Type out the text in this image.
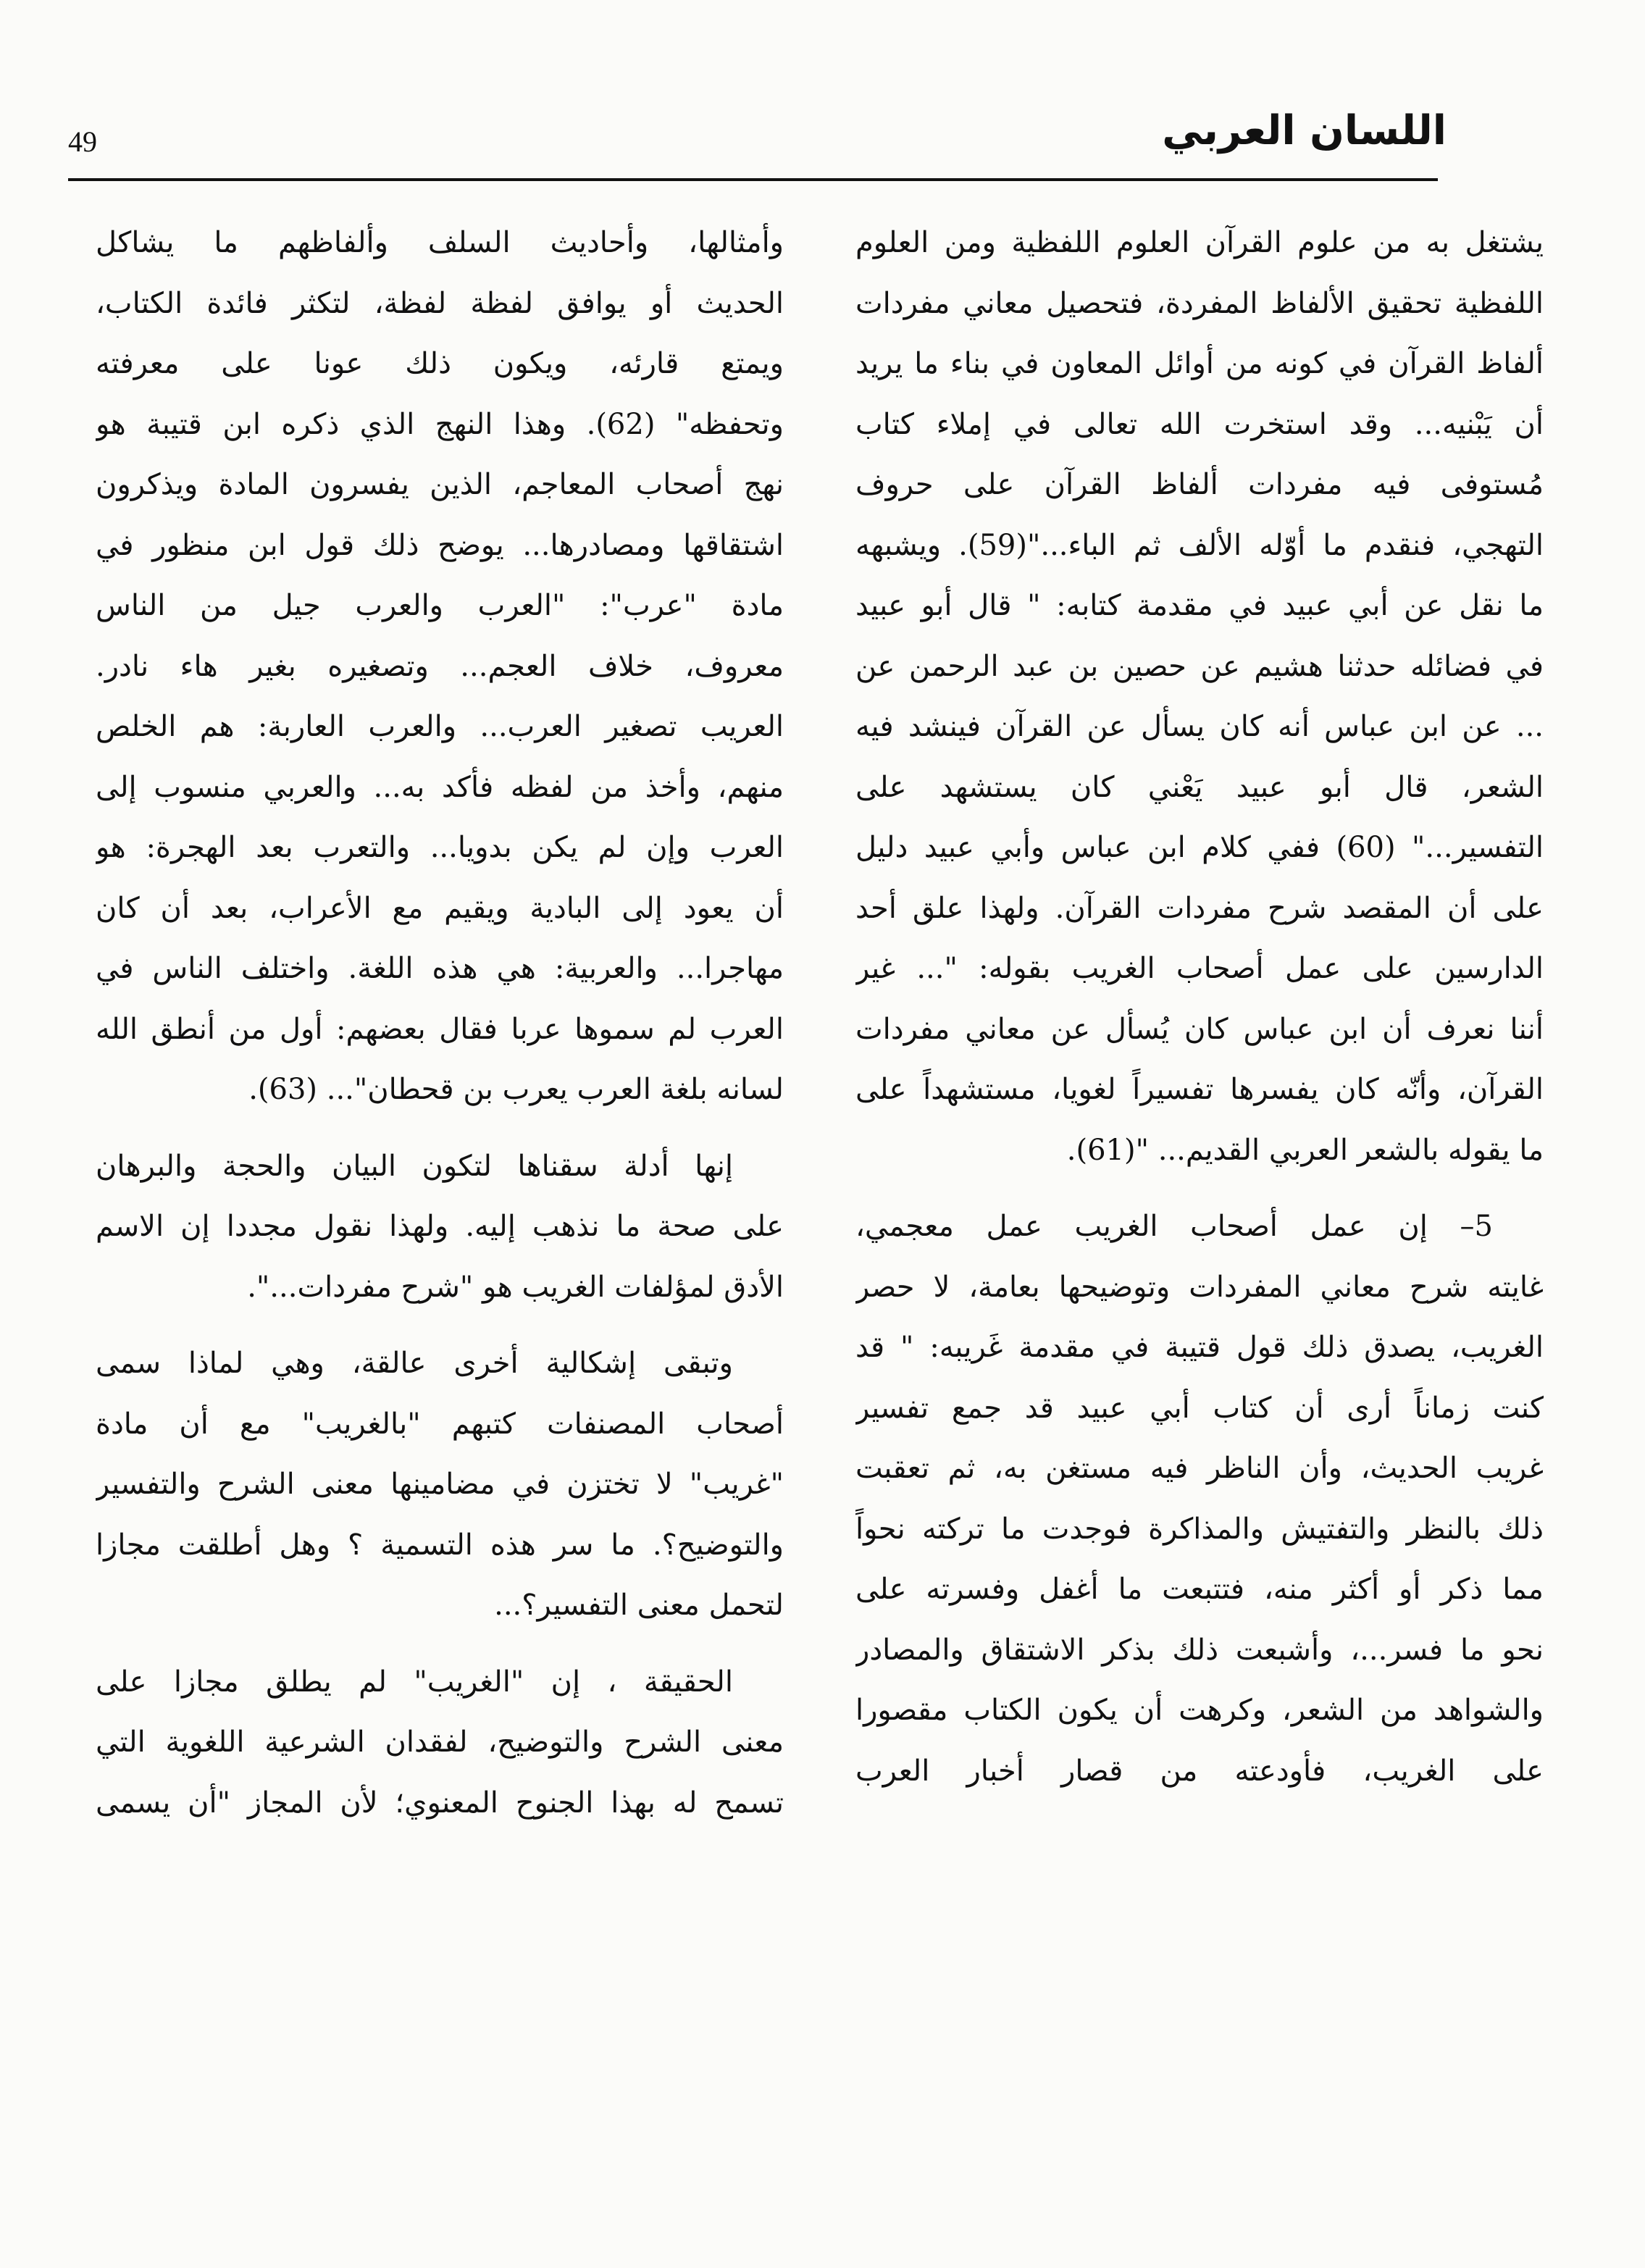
49	اللسان العربي
يشتغل به من علوم القرآن العلوم اللفظية ومن العلوم
اللفظية تحقيق الألفاظ المفردة، فتحصيل معاني مفردات
ألفاظ القرآن في كونه من أوائل المعاون في بناء ما يريد
أن يَبْنيه... وقد استخرت الله تعالى في إملاء كتاب
مُستوفى فيه مفردات ألفاظ القرآن على حروف
التهجي، فنقدم ما أوّله الألف ثم الباء..."(59). ويشبهه
ما نقل عن أبي عبيد في مقدمة كتابه: " قال أبو عبيد
في فضائله حدثنا هشيم عن حصين بن عبد الرحمن عن
... عن ابن عباس أنه كان يسأل عن القرآن فينشد فيه
الشعر، قال أبو عبيد يَعْني كان يستشهد على
التفسير..." (60) ففي كلام ابن عباس وأبي عبيد دليل
على أن المقصد شرح مفردات القرآن. ولهذا علق أحد
الدارسين على عمل أصحاب الغريب بقوله: "... غير
أننا نعرف أن ابن عباس كان يُسأل عن معاني مفردات
القرآن، وأنّه كان يفسرها تفسيراً لغويا، مستشهداً على
ما يقوله بالشعر العربي القديم... "(61).
5– إن عمل أصحاب الغريب عمل معجمي،
غايته شرح معاني المفردات وتوضيحها بعامة، لا حصر
الغريب، يصدق ذلك قول قتيبة في مقدمة غَريبه: " قد
كنت زماناً أرى أن كتاب أبي عبيد قد جمع تفسير
غريب الحديث، وأن الناظر فيه مستغن به، ثم تعقبت
ذلك بالنظر والتفتيش والمذاكرة فوجدت ما تركته نحواً
مما ذكر أو أكثر منه، فتتبعت ما أغفل وفسرته على
نحو ما فسر...، وأشبعت ذلك بذكر الاشتقاق والمصادر
والشواهد من الشعر، وكرهت أن يكون الكتاب مقصورا
على الغريب، فأودعته من قصار أخبار العرب
وأمثالها، وأحاديث السلف وألفاظهم ما يشاكل
الحديث أو يوافق لفظة لفظة، لتكثر فائدة الكتاب،
ويمتع قارئه، ويكون ذلك عونا على معرفته
وتحفظه" (62). وهذا النهج الذي ذكره ابن قتيبة هو
نهج أصحاب المعاجم، الذين يفسرون المادة ويذكرون
اشتقاقها ومصادرها... يوضح ذلك قول ابن منظور في
مادة "عرب": "العرب والعرب جيل من الناس
معروف، خلاف العجم... وتصغيره بغير هاء نادر.
العريب تصغير العرب... والعرب العاربة: هم الخلص
منهم، وأخذ من لفظه فأكد به... والعربي منسوب إلى
العرب وإن لم يكن بدويا... والتعرب بعد الهجرة: هو
أن يعود إلى البادية ويقيم مع الأعراب، بعد أن كان
مهاجرا... والعربية: هي هذه اللغة. واختلف الناس في
العرب لم سموها عربا فقال بعضهم: أول من أنطق الله
لسانه بلغة العرب يعرب بن قحطان"... (63).
إنها أدلة سقناها لتكون البيان والحجة والبرهان
على صحة ما نذهب إليه. ولهذا نقول مجددا إن الاسم
الأدق لمؤلفات الغريب هو "شرح مفردات...".
وتبقى إشكالية أخرى عالقة، وهي لماذا سمى
أصحاب المصنفات كتبهم "بالغريب" مع أن مادة
"غريب" لا تختزن في مضامينها معنى الشرح والتفسير
والتوضيح؟. ما سر هذه التسمية ؟ وهل أطلقت مجازا
لتحمل معنى التفسير؟...
الحقيقة ، إن "الغريب" لم يطلق مجازا على
معنى الشرح والتوضيح، لفقدان الشرعية اللغوية التي
تسمح له بهذا الجنوح المعنوي؛ لأن المجاز "أن يسمى
